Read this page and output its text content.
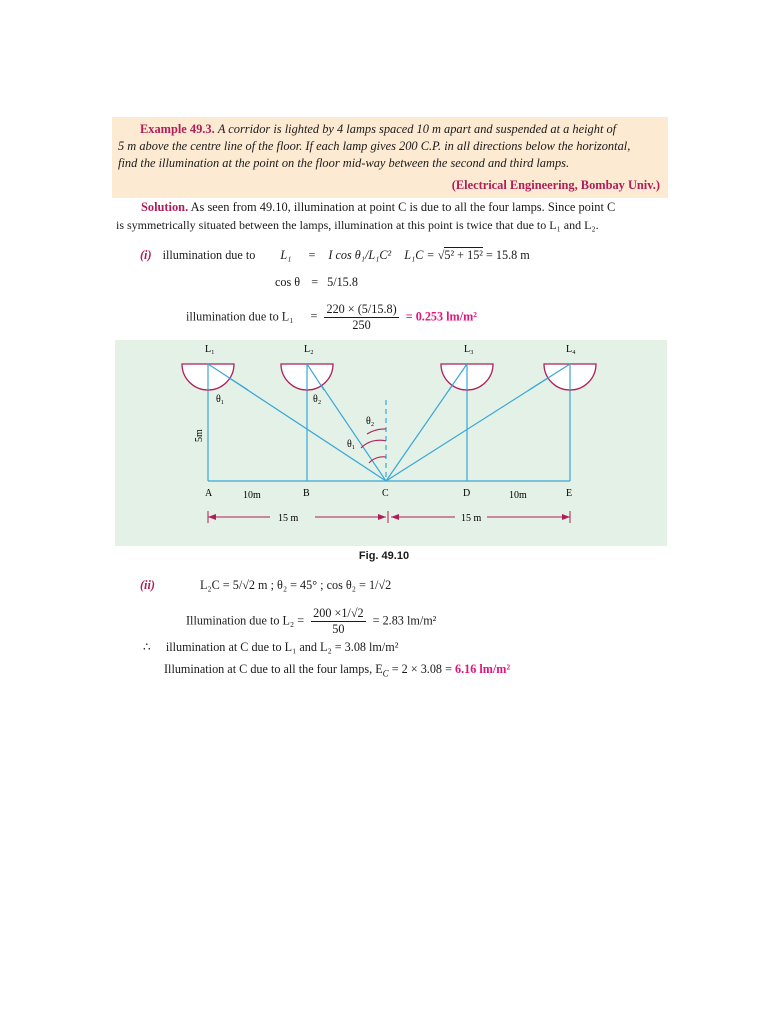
Example 49.3. A corridor is lighted by 4 lamps spaced 10 m apart and suspended at a height of
5 m above the centre line of the floor. If each lamp gives 200 C.P. in all directions below the horizontal,
find the illumination at the point on the floor mid-way between the second and third lamps.
(Electrical Engineering, Bombay Univ.)
Solution. As seen from 49.10, illumination at point C is due to all the four lamps. Since point C
is symmetrically situated between the lamps, illumination at this point is twice that due to L₁ and L₂.
(i) illumination due to L₁ = I cos θ₁/L₁C² L₁C = √5² + 15² = 15.8 m
cos θ = 5/15.8
illumination due to $L_1 = \frac{220 \times (5/15.8)}{250} = 0.253$ lm/m²
L₁	L₂	L₃	L₄
θ₁	θ₂
θ₂
θ₁
5m
A	B	C	D	E
10m	10m
15 m	15 m
Fig. 49.10
(ii)	L₂C = 5/√2 m ; θ₂ = 45° ; cos θ₂ = 1/√2
Illumination due to $L_2 = \frac{200 \times 1/√2}{50} = 2.83$ lm/m²
∴ illumination at C due to L₁ and L₂ = 3.08 lm/m²
Illumination at C due to all the four lamps, $E_C = 2 \times 3.08 = 6.16$ lm/m²
